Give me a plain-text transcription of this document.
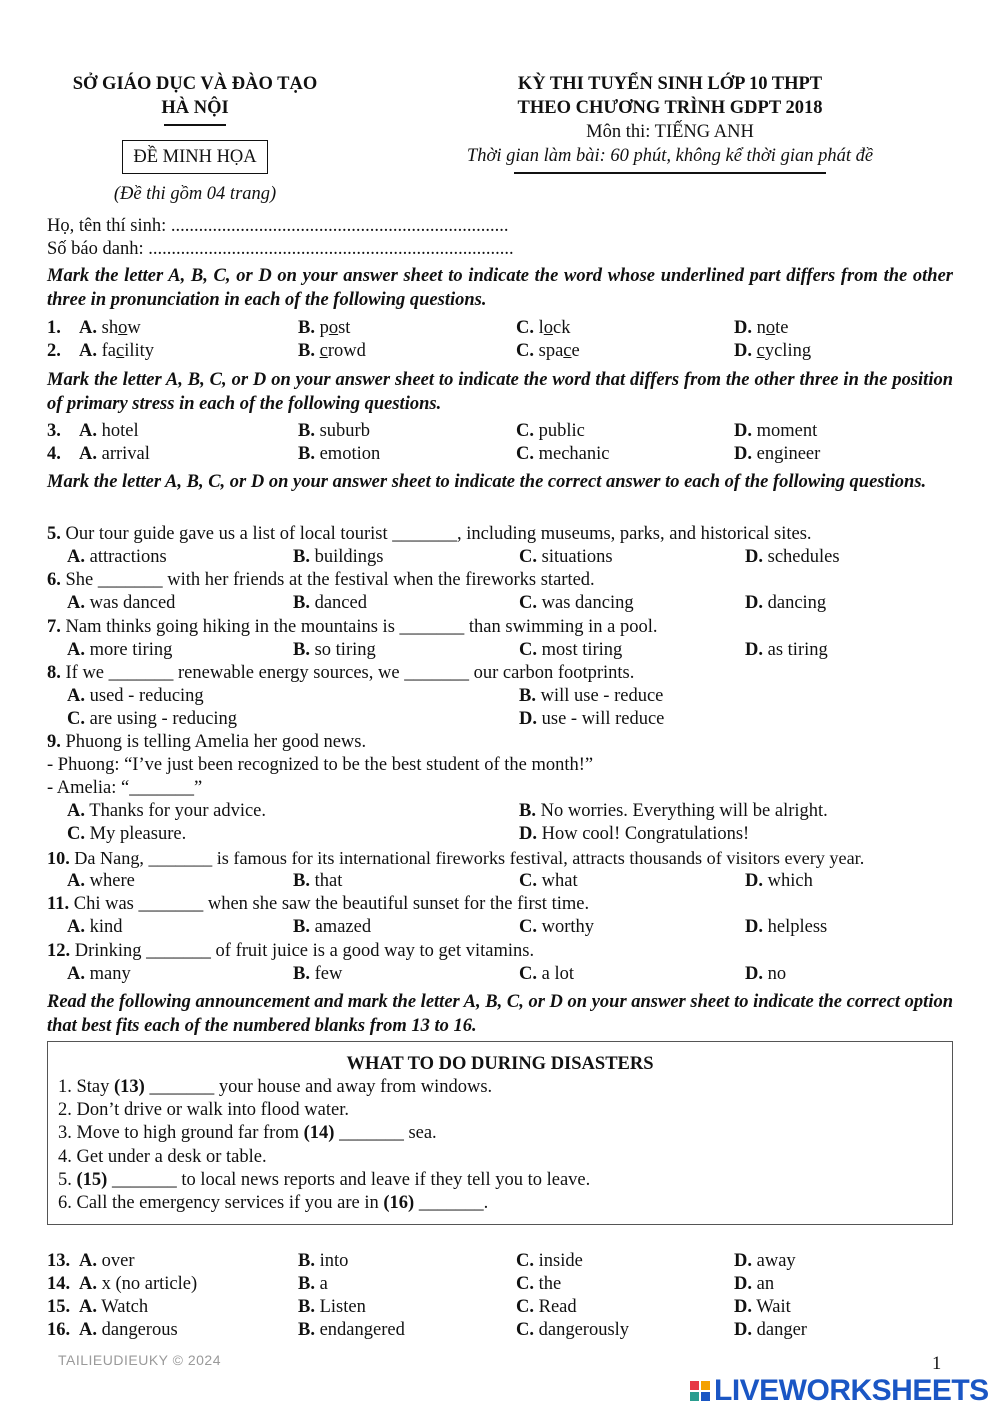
SỞ GIÁO DỤC VÀ ĐÀO TẠO
HÀ NỘI
ĐỀ MINH HỌA
(Đề thi gồm 04 trang)
KỲ THI TUYỂN SINH LỚP 10 THPT
THEO CHƯƠNG TRÌNH GDPT 2018
Môn thi: TIẾNG ANH
Thời gian làm bài: 60 phút, không kể thời gian phát đề
Họ, tên thí sinh: .........................................................................
Số báo danh: ...............................................................................
Mark the letter A, B, C, or D on your answer sheet to indicate the word whose underlined part differs from the other three in pronunciation in each of the following questions.
1. A. show	B. post	C. lock	D. note
2. A. facility	B. crowd	C. space	D. cycling
Mark the letter A, B, C, or D on your answer sheet to indicate the word that differs from the other three in the position of primary stress in each of the following questions.
3. A. hotel	B. suburb	C. public	D. moment
4. A. arrival	B. emotion	C. mechanic	D. engineer
Mark the letter A, B, C, or D on your answer sheet to indicate the correct answer to each of the following questions.
5. Our tour guide gave us a list of local tourist _______, including museums, parks, and historical sites.
A. attractions	B. buildings	C. situations	D. schedules
6. She _______ with her friends at the festival when the fireworks started.
A. was danced	B. danced	C. was dancing	D. dancing
7. Nam thinks going hiking in the mountains is _______ than swimming in a pool.
A. more tiring	B. so tiring	C. most tiring	D. as tiring
8. If we _______ renewable energy sources, we _______ our carbon footprints.
A. used - reducing	B. will use - reduce
C. are using - reducing	D. use - will reduce
9. Phuong is telling Amelia her good news.
- Phuong: “I’ve just been recognized to be the best student of the month!”
- Amelia: “_______”
A. Thanks for your advice.	B. No worries. Everything will be alright.
C. My pleasure.	D. How cool! Congratulations!
10. Da Nang, _______ is famous for its international fireworks festival, attracts thousands of visitors every year.
A. where	B. that	C. what	D. which
11. Chi was _______ when she saw the beautiful sunset for the first time.
A. kind	B. amazed	C. worthy	D. helpless
12. Drinking _______ of fruit juice is a good way to get vitamins.
A. many	B. few	C. a lot	D. no
Read the following announcement and mark the letter A, B, C, or D on your answer sheet to indicate the correct option that best fits each of the numbered blanks from 13 to 16.
WHAT TO DO DURING DISASTERS
1. Stay (13) _______ your house and away from windows.
2. Don’t drive or walk into flood water.
3. Move to high ground far from (14) _______ sea.
4. Get under a desk or table.
5. (15) _______ to local news reports and leave if they tell you to leave.
6. Call the emergency services if you are in (16) _______.
13. A. over	B. into	C. inside	D. away
14. A. x (no article)	B. a	C. the	D. an
15. A. Watch	B. Listen	C. Read	D. Wait
16. A. dangerous	B. endangered	C. dangerously	D. danger
TAILIEUDIEUKY © 2024	1
LIVEWORKSHEETS
